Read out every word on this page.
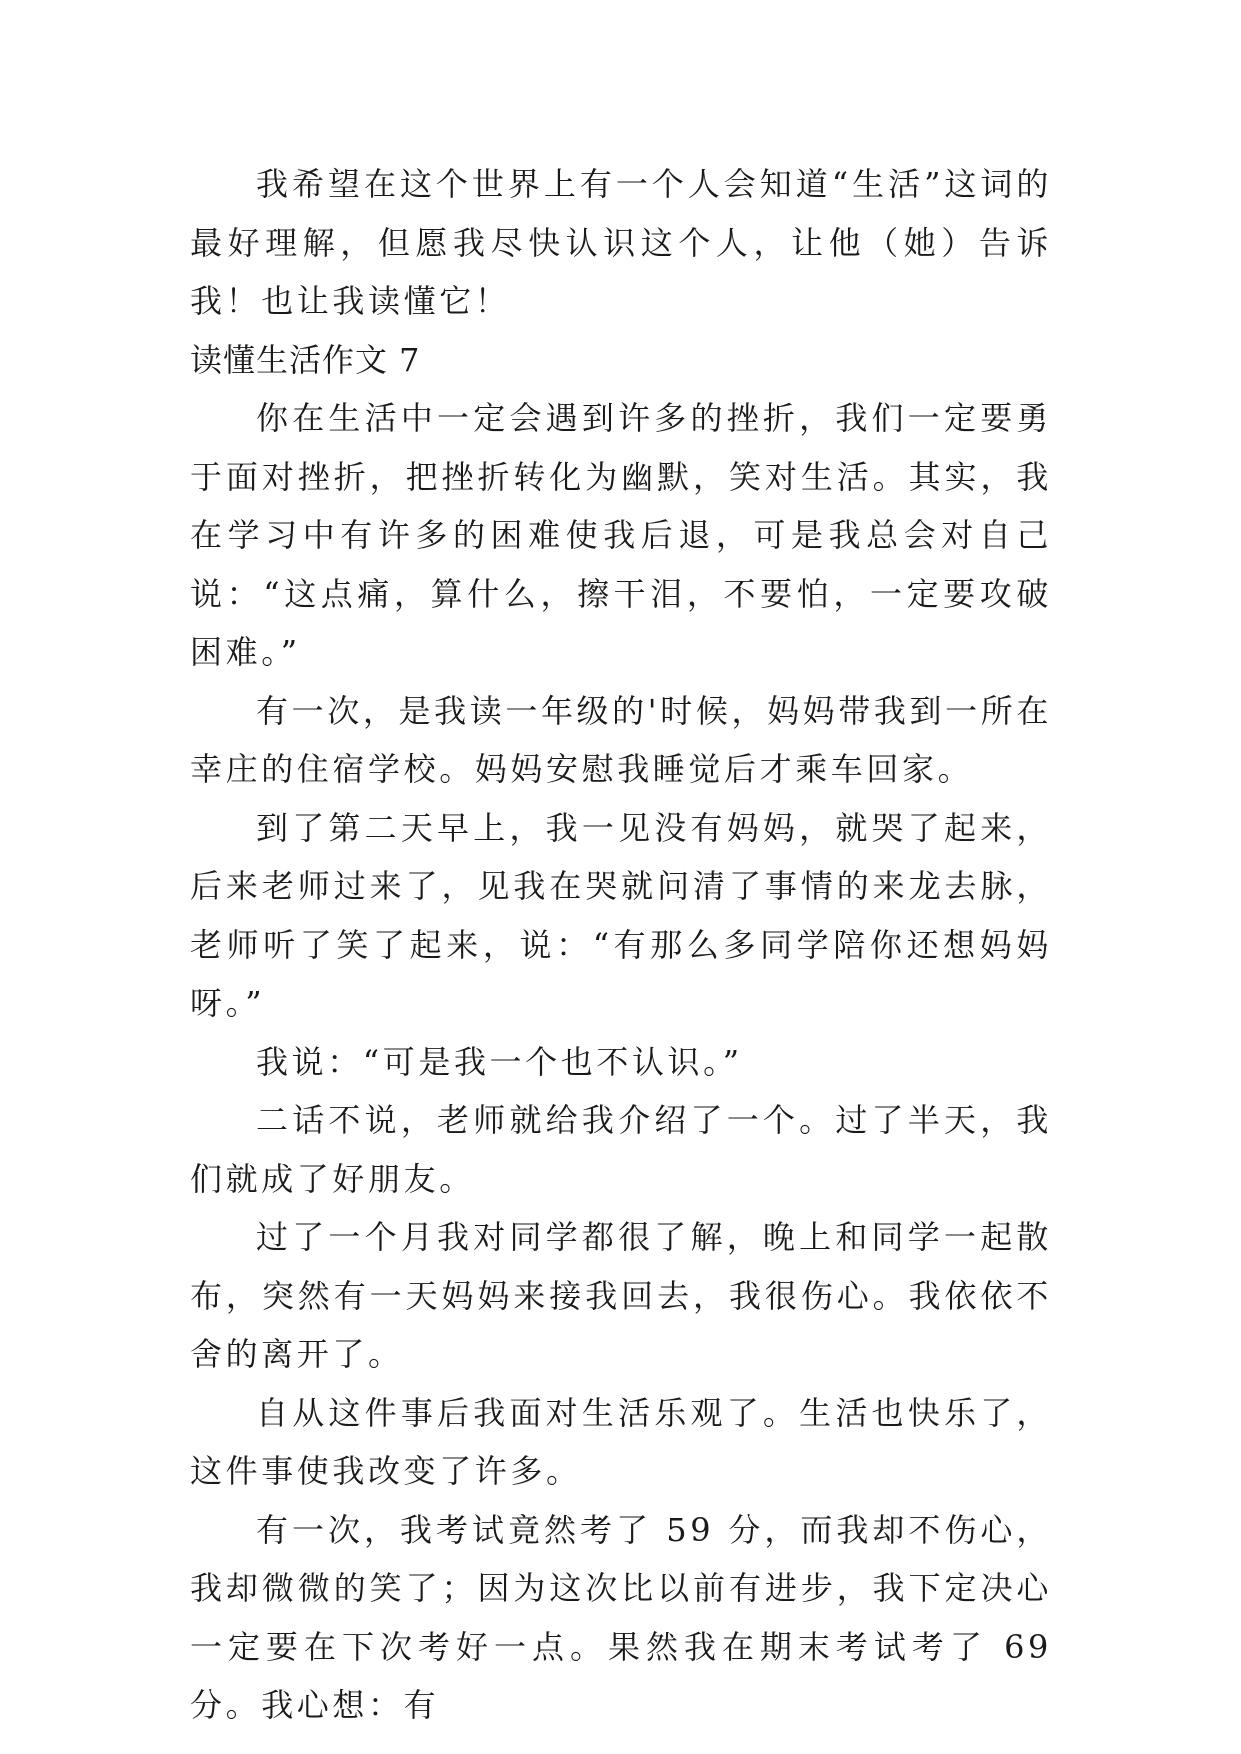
我希望在这个世界上有一个人会知道“生活”这词的最好理解，但愿我尽快认识这个人，让他（她）告诉我！也让我读懂它！

读懂生活作文 7

你在生活中一定会遇到许多的挫折，我们一定要勇于面对挫折，把挫折转化为幽默，笑对生活。其实，我在学习中有许多的困难使我后退，可是我总会对自己说：“这点痛，算什么，擦干泪，不要怕，一定要攻破困难。”

有一次，是我读一年级的'时候，妈妈带我到一所在幸庄的住宿学校。妈妈安慰我睡觉后才乘车回家。

到了第二天早上，我一见没有妈妈，就哭了起来，后来老师过来了，见我在哭就问清了事情的来龙去脉，老师听了笑了起来，说：“有那么多同学陪你还想妈妈呀。”

我说：“可是我一个也不认识。”

二话不说，老师就给我介绍了一个。过了半天，我们就成了好朋友。

过了一个月我对同学都很了解，晚上和同学一起散布，突然有一天妈妈来接我回去，我很伤心。我依依不舍的离开了。

自从这件事后我面对生活乐观了。生活也快乐了，这件事使我改变了许多。

有一次，我考试竟然考了 59 分，而我却不伤心，我却微微的笑了；因为这次比以前有进步，我下定决心一定要在下次考好一点。果然我在期末考试考了 69 分。我心想：有
